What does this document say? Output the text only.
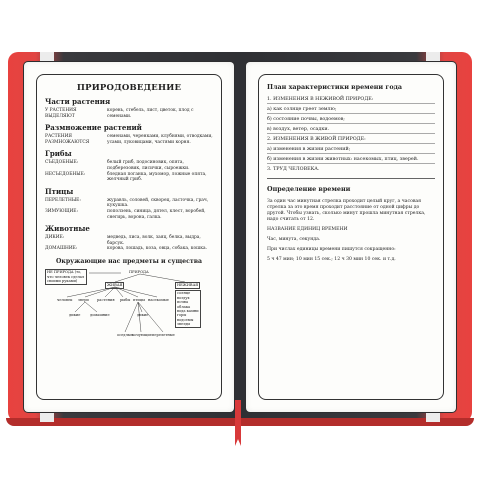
ПРИРОДОВЕДЕНИЕ
Части растения
У РАСТЕНИЯ ВЫДЕЛЯЮТ
корень, стебель, лист, цветок, плод с семенами.
Размножение растений
РАСТЕНИЯ РАЗМНОЖАЮТСЯ
семенами, черенками, клубнями, отводками, усами, луковицами, частями корня.
Грибы
СЪЕДОБНЫЕ:	белый гриб, подосиновик, опята, подберезовик, лисички, сыроежки.
НЕСЪЕДОБНЫЕ:	бледная поганка, мухомор, ложные опята, желчный гриб.
Птицы
ПЕРЕЛЕТНЫЕ:	журавль, соловей, скворец, ласточка, грач, кукушка.
ЗИМУЮЩИЕ:	поползень, синица, дятел, клест, воробей, снегирь, ворона, галка.
Животные
ДИКИЕ:	медведь, лиса, волк, заяц, белка, выдра, барсук.
ДОМАШНИЕ:	корова, лошадь, коза, овца, собака, кошка.
Окружающие нас предметы и существа
ПРИРОДА
НЕ ПРИРОДА (то, что человек сделал своими руками)
ЖИВАЯ	НЕЖИВАЯ
солнце воздух почва облака вода камни горы водоемы звезды
человек звери растения рыбы птицы насекомые
дикие	домашние	дикие
оседлые кочующие перелетные
План характеристики времени года
1. ИЗМЕНЕНИЯ В НЕЖИВОЙ ПРИРОДЕ:
а) как солнце греет землю;
б) состояние почвы, водоемов;
в) воздух, ветер, осадки.
2. ИЗМЕНЕНИЯ В ЖИВОЙ ПРИРОДЕ:
а) изменения в жизни растений;
б) изменения в жизни животных: насекомых, птиц, зверей.
3. ТРУД ЧЕЛОВЕКА.
Определение времени
За один час минутная стрелка проходит целый круг, а часовая стрелка за это время проходит расстояние от одной цифры до другой. Чтобы узнать, сколько минут прошла минутная стрелка, надо считать от 12.
НАЗВАНИЕ ЕДИНИЦ ВРЕМЕНИ
Час, минута, секунда.
При числах единицы времени пишутся сокращенно:
5 ч 47 мин; 10 мин 15 сек.; 12 ч 30 мин 10 сек. и т.д.
